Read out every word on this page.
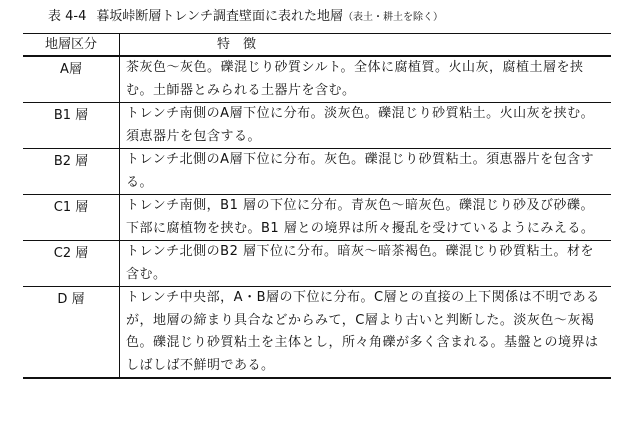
表 4-4 暮坂峠断層トレンチ調査壁面に表れた地層（表土・耕土を除く）
地層区分	特　徴
A層	茶灰色～灰色。礫混じり砂質シルト。全体に腐植質。火山灰，腐植土層を挟む。土師器とみられる土器片を含む。
B1 層	トレンチ南側のA層下位に分布。淡灰色。礫混じり砂質粘土。火山灰を挟む。須恵器片を包含する。
B2 層	トレンチ北側のA層下位に分布。灰色。礫混じり砂質粘土。須恵器片を包含する。
C1 層	トレンチ南側，B1 層の下位に分布。青灰色～暗灰色。礫混じり砂及び砂礫。下部に腐植物を挟む。B1 層との境界は所々擾乱を受けているようにみえる。
C2 層	トレンチ北側のB2 層下位に分布。暗灰～暗茶褐色。礫混じり砂質粘土。材を含む。
D 層	トレンチ中央部，A・B層の下位に分布。C層との直接の上下関係は不明であるが，地層の締まり具合などからみて，C層より古いと判断した。淡灰色～灰褐色。礫混じり砂質粘土を主体とし，所々角礫が多く含まれる。基盤との境界はしばしば不鮮明である。
